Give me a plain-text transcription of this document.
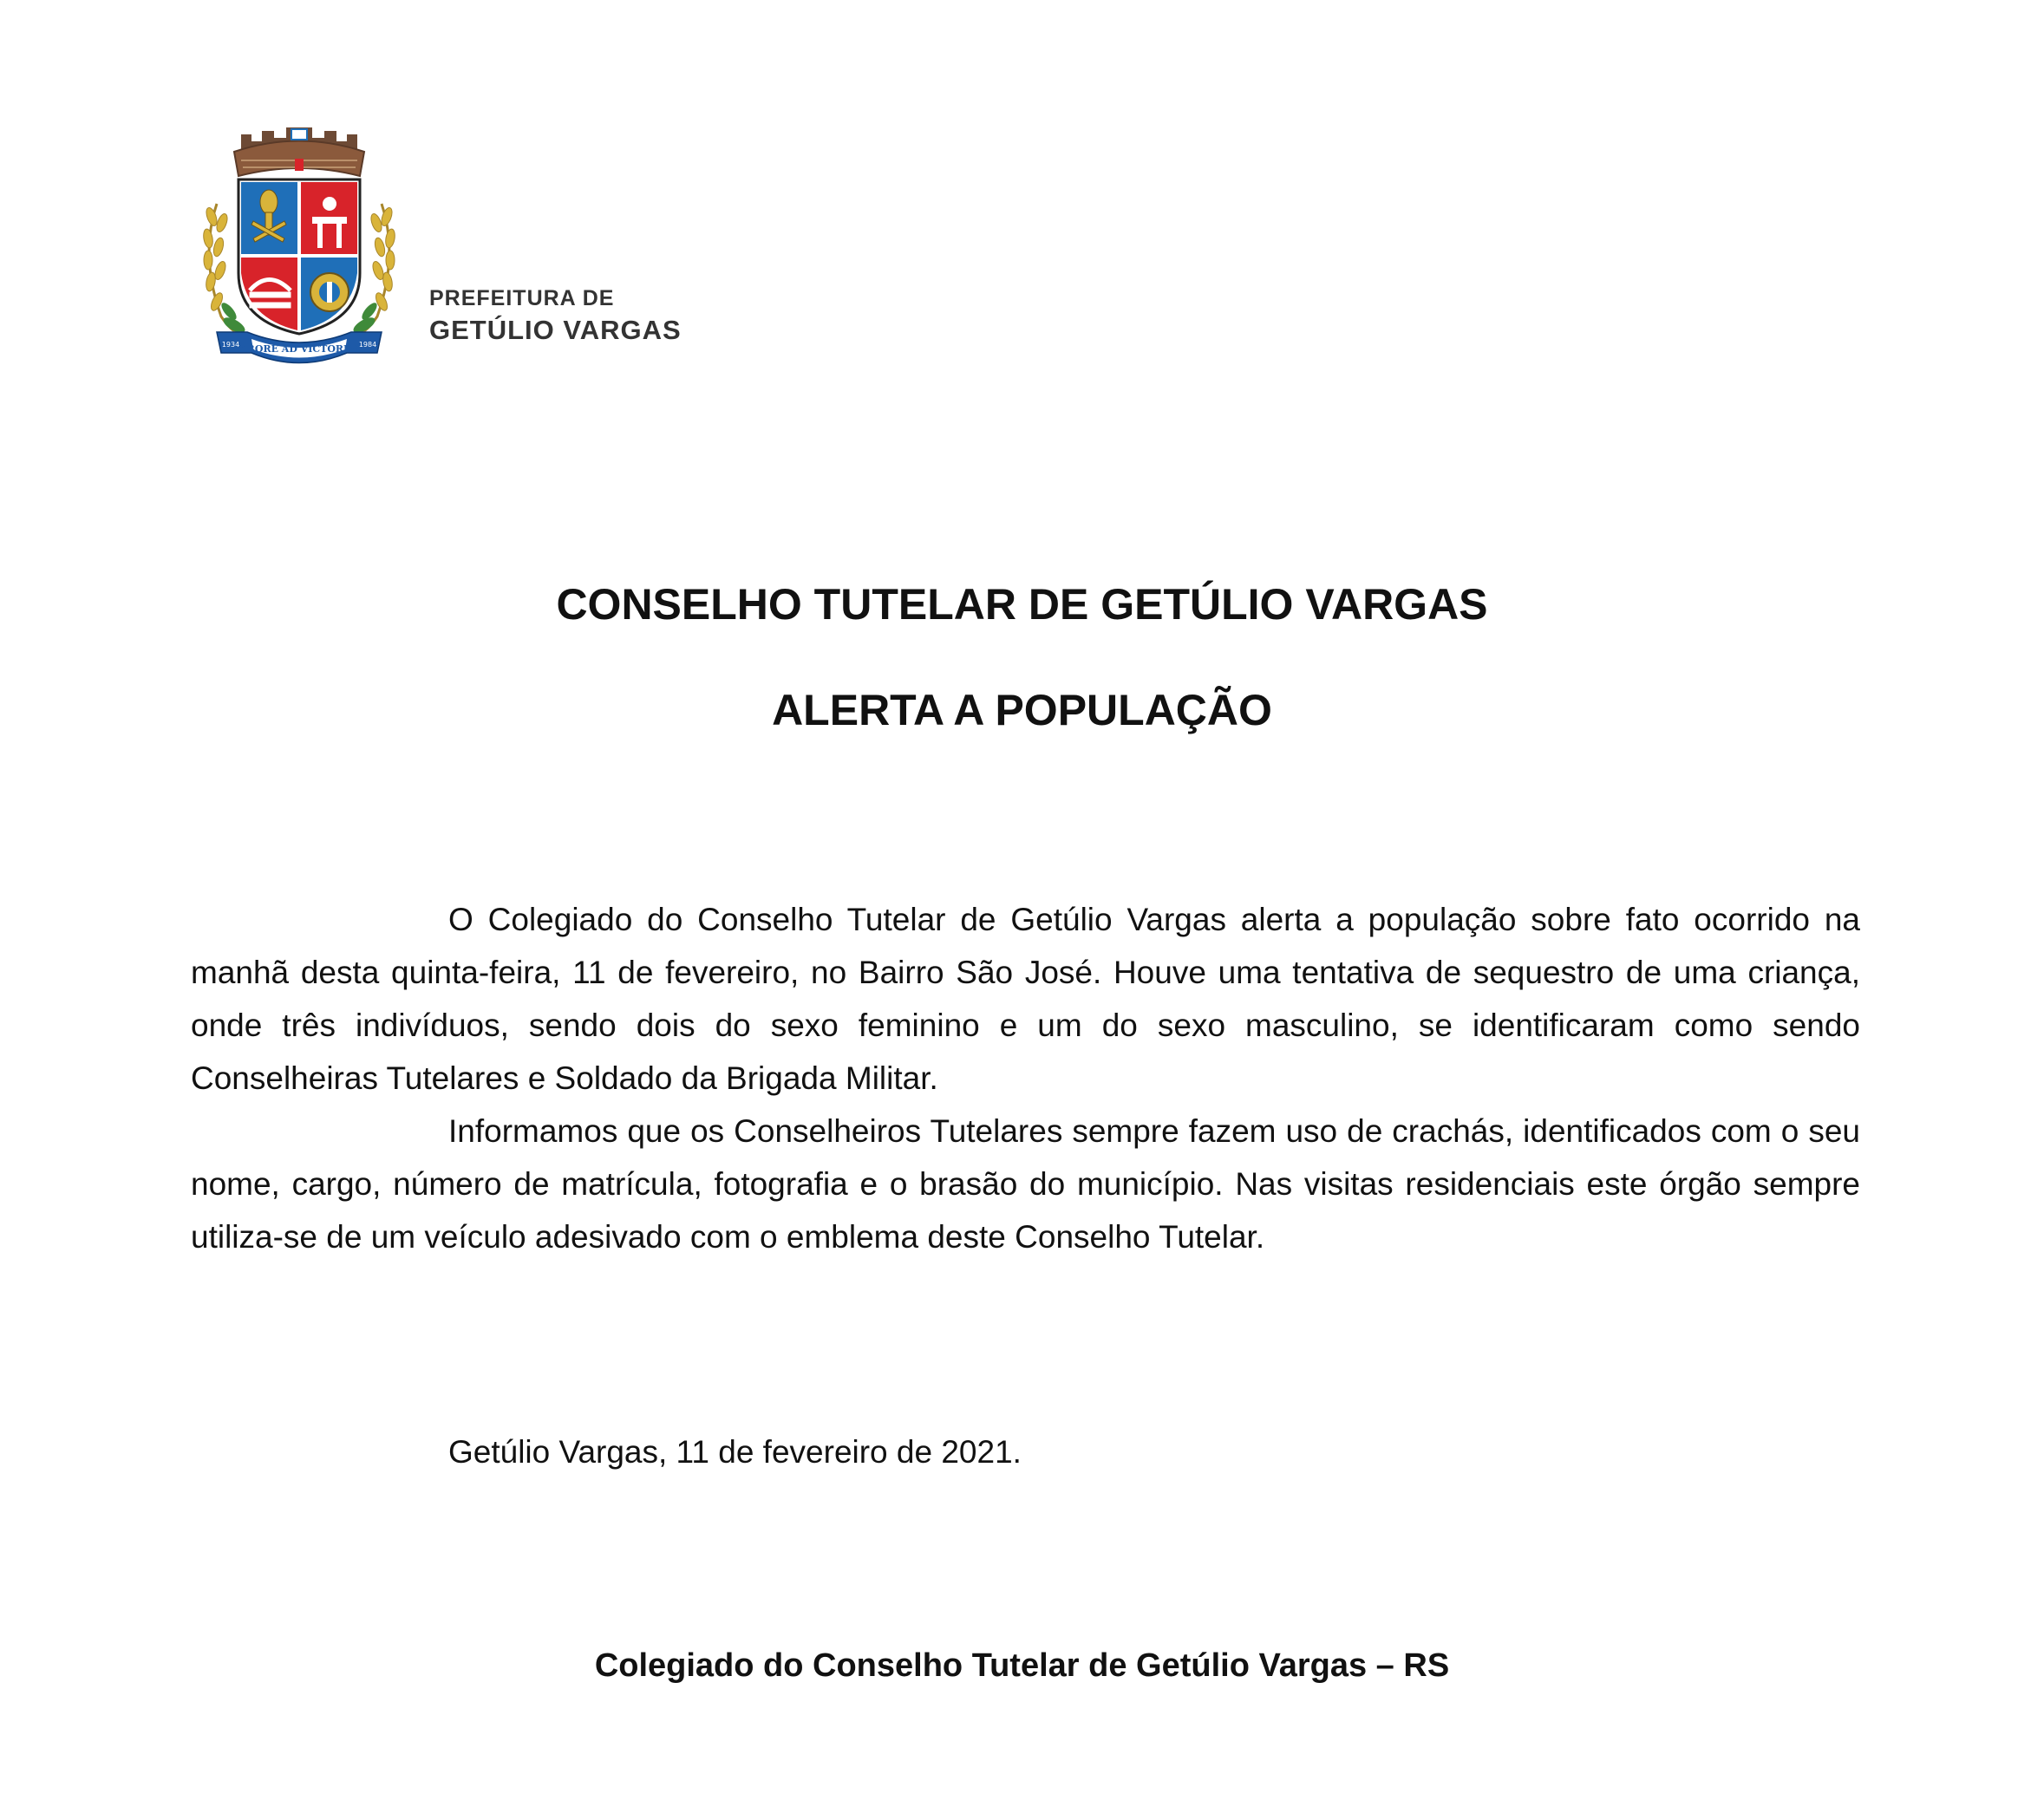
LABORE AD VICTORIAM
1934	1984
PREFEITURA DE
GETÚLIO VARGAS
CONSELHO TUTELAR DE GETÚLIO VARGAS
ALERTA A POPULAÇÃO

O Colegiado do Conselho Tutelar de Getúlio Vargas alerta a população sobre fato ocorrido na manhã desta quinta-feira, 11 de fevereiro, no Bairro São José. Houve uma tentativa de sequestro de uma criança, onde três indivíduos, sendo dois do sexo feminino e um do sexo masculino, se identificaram como sendo Conselheiras Tutelares e Soldado da Brigada Militar.

Informamos que os Conselheiros Tutelares sempre fazem uso de crachás, identificados com o seu nome, cargo, número de matrícula, fotografia e o brasão do município. Nas visitas residenciais este órgão sempre utiliza-se de um veículo adesivado com o emblema deste Conselho Tutelar.

Getúlio Vargas, 11 de fevereiro de 2021.
Colegiado do Conselho Tutelar de Getúlio Vargas – RS
